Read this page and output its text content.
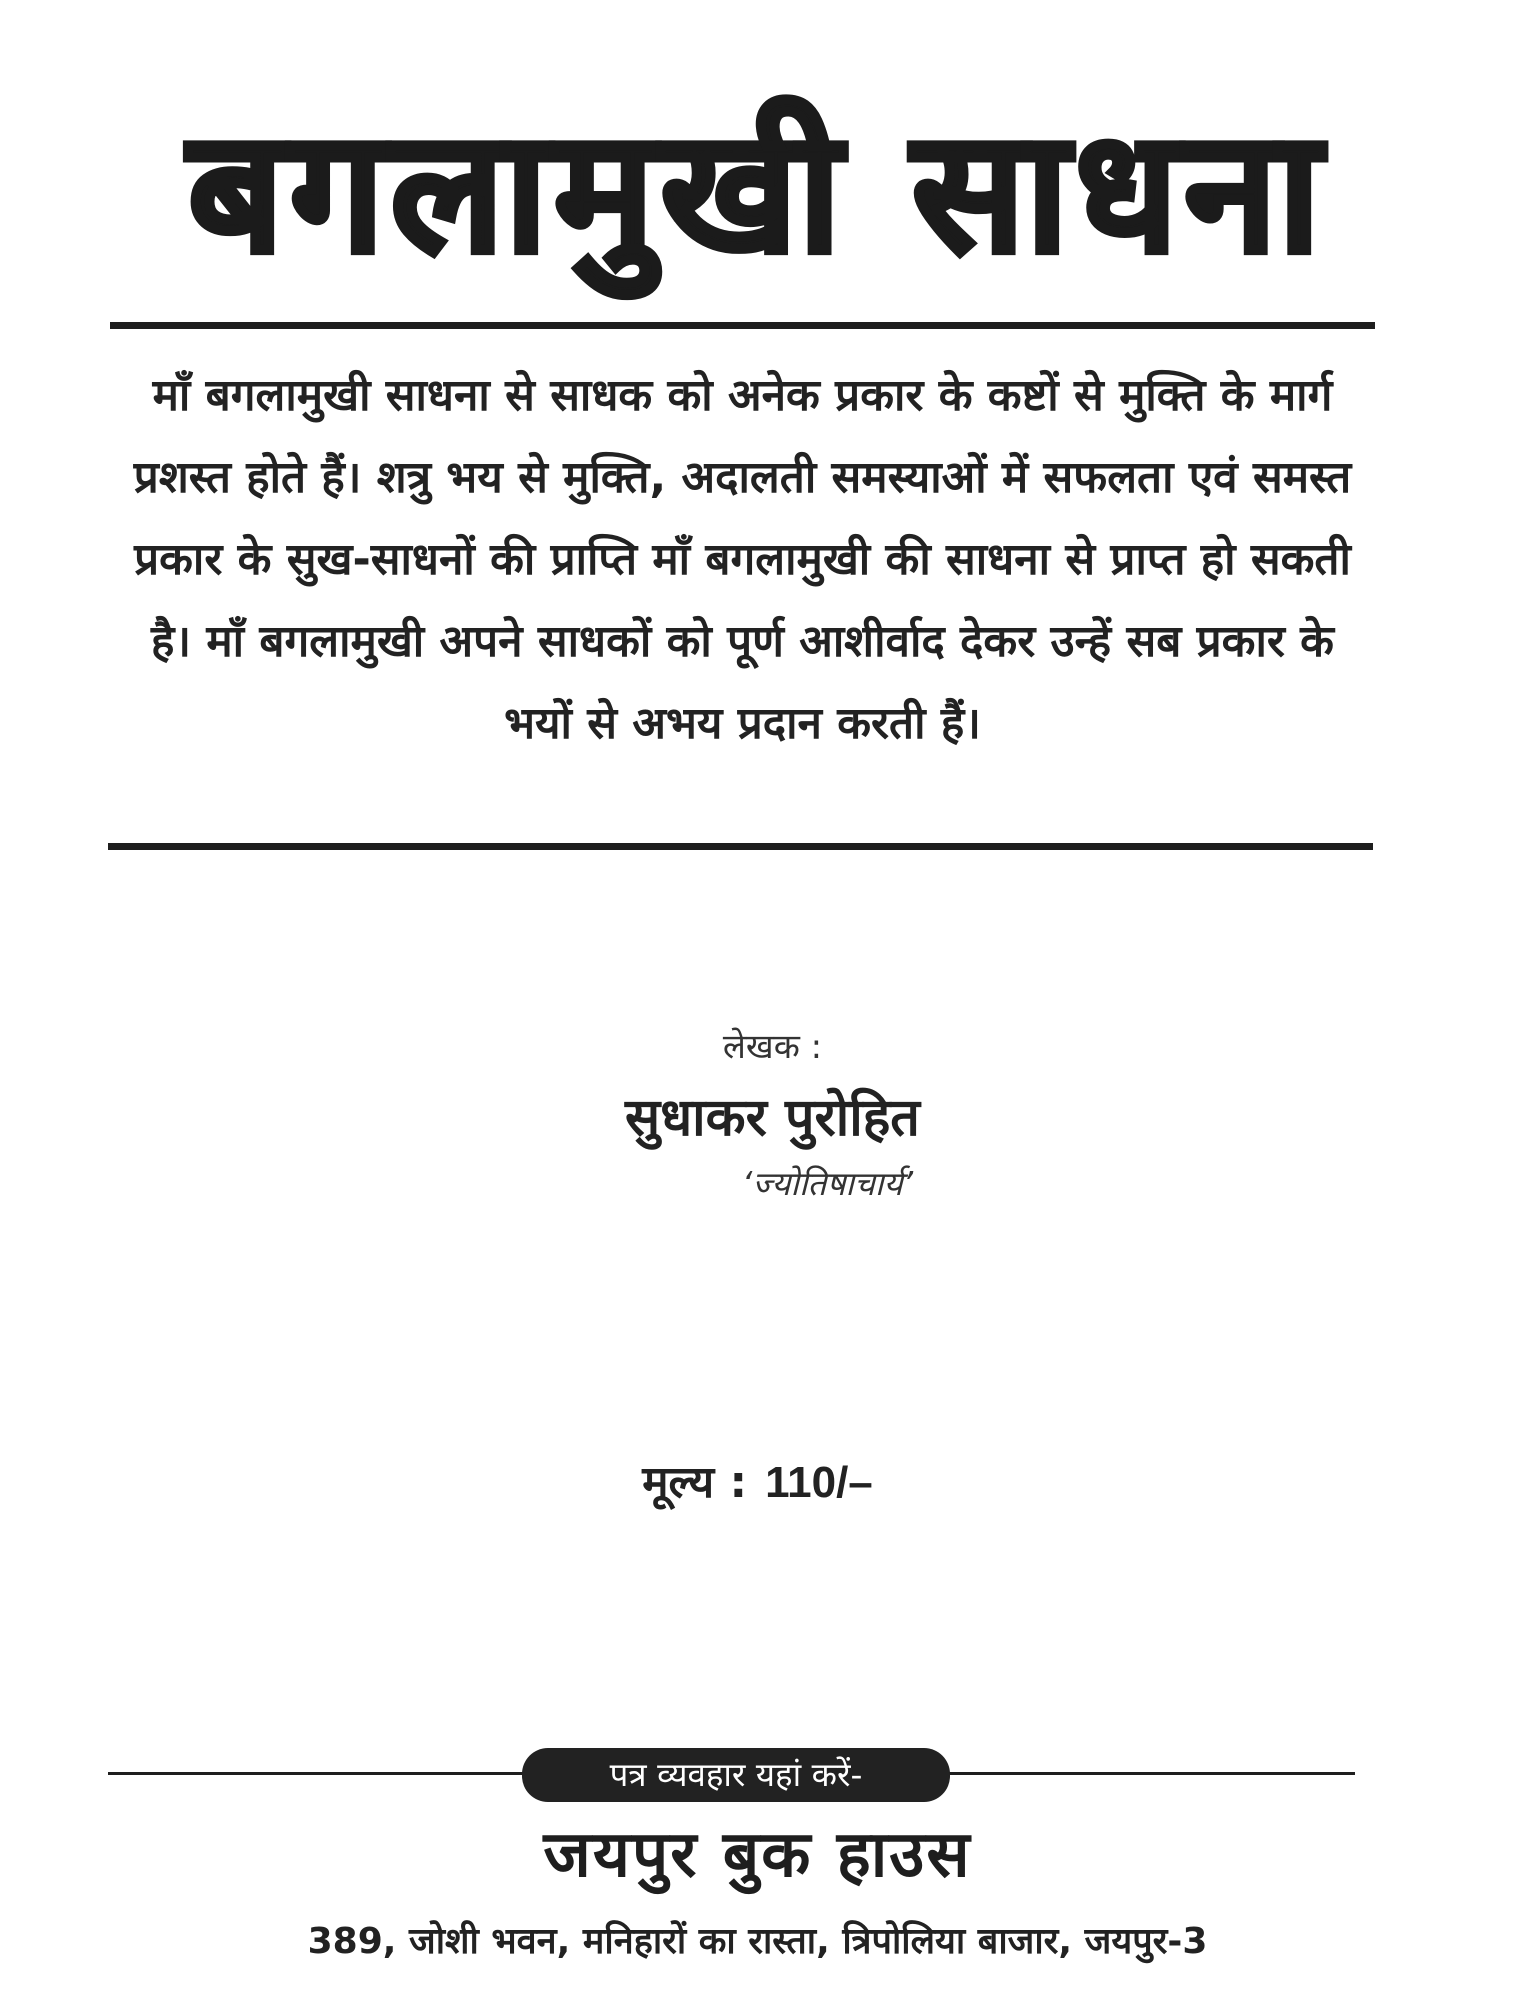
बगलामुखी साधना
माँ बगलामुखी साधना से साधक को अनेक प्रकार के कष्टों से मुक्ति के मार्ग प्रशस्त होते हैं। शत्रु भय से मुक्ति, अदालती समस्याओं में सफलता एवं समस्त प्रकार के सुख-साधनों की प्राप्ति माँ बगलामुखी की साधना से प्राप्त हो सकती है। माँ बगलामुखी अपने साधकों को पूर्ण आशीर्वाद देकर उन्हें सब प्रकार के भयों से अभय प्रदान करती हैं।
लेखक :
सुधाकर पुरोहित
‘ज्योतिषाचार्य’
मूल्य : 110/–
पत्र व्यवहार यहां करें-
जयपुर बुक हाउस
389, जोशी भवन, मनिहारों का रास्ता, त्रिपोलिया बाजार, जयपुर-3
